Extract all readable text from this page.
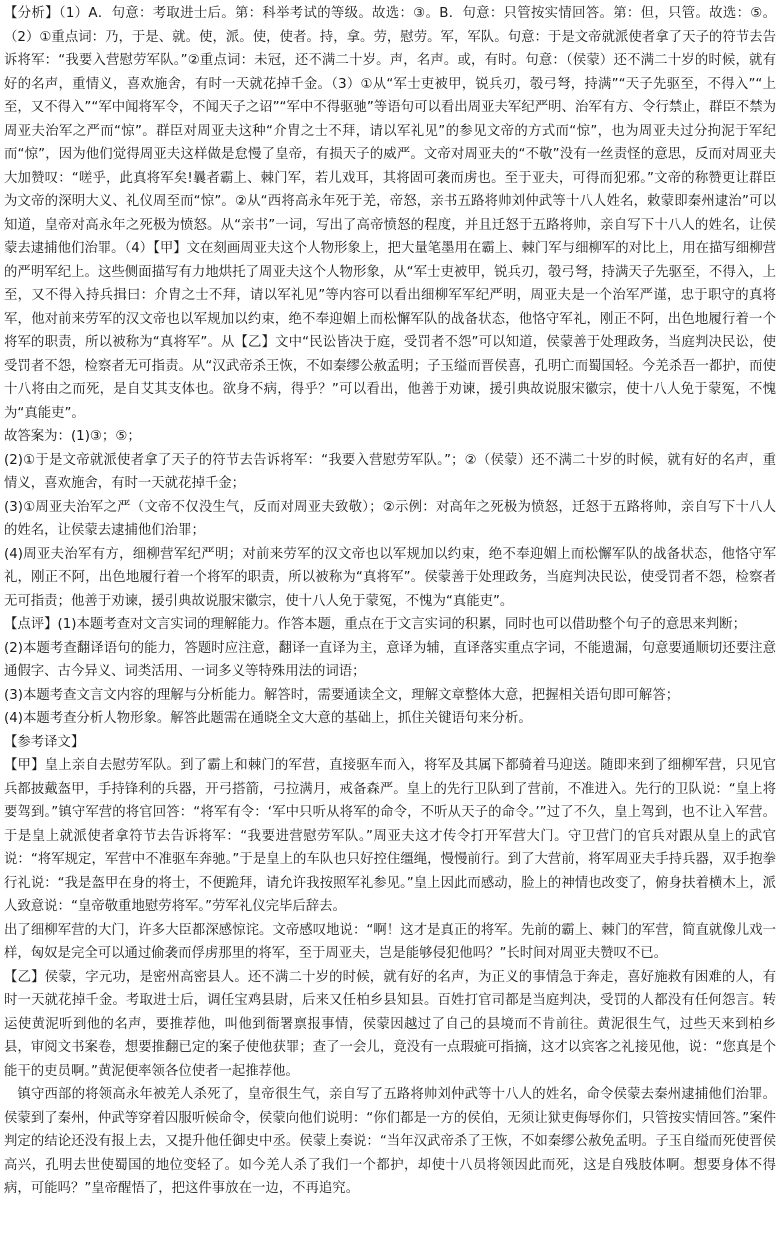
【分析】（1）A．句意：考取进士后。第：科举考试的等级。故选：③。B．句意：只管按实情回答。第：但，只管。故选：⑤。（2）①重点词：乃，于是、就。使，派。使，使者。持，拿。劳，慰劳。军，军队。句意：于是文帝就派使者拿了天子的符节去告诉将军：“我要入营慰劳军队。”②重点词：未冠，还不满二十岁。声，名声。或，有时。句意：（侯蒙）还不满二十岁的时候，就有好的名声，重情义，喜欢施舍，有时一天就花掉千金。（3）①从“军士吏被甲，锐兵刃，彀弓弩，持满”“天子先驱至，不得入”“上至，又不得入”“军中闻将军令，不闻天子之诏”“军中不得驱驰”等语句可以看出周亚夫军纪严明、治军有方、令行禁止，群臣不禁为周亚夫治军之严而“惊”。群臣对周亚夫这种“介胄之士不拜，请以军礼见”的参见文帝的方式而“惊”，也为周亚夫过分拘泥于军纪而“惊”，因为他们觉得周亚夫这样做是怠慢了皇帝，有损天子的威严。文帝对周亚夫的“不敬”没有一丝责怪的意思，反而对周亚夫大加赞叹：“嗟乎，此真将军矣!曩者霸上、棘门军，若儿戏耳，其将固可袭而虏也。至于亚夫，可得而犯邪。”文帝的称赞更让群臣为文帝的深明大义、礼仪周至而“惊”。②从“西将高永年死于羌，帝怒，亲书五路将帅刘仲武等十八人姓名，敕蒙即秦州逮治”可以知道，皇帝对高永年之死极为愤怒。从“亲书”一词，写出了高帝愤怒的程度，并且迁怒于五路将帅，亲自写下十八人的姓名，让侯蒙去逮捕他们治罪。（4）【甲】文在刻画周亚夫这个人物形象上，把大量笔墨用在霸上、棘门军与细柳军的对比上，用在描写细柳营的严明军纪上。这些侧面描写有力地烘托了周亚夫这个人物形象，从“军士吏被甲，锐兵刃，彀弓弩，持满天子先驱至，不得入，上至，又不得入持兵揖曰：介胄之士不拜，请以军礼见”等内容可以看出细柳军军纪严明，周亚夫是一个治军严谨，忠于职守的真将军，他对前来劳军的汉文帝也以军规加以约束，绝不奉迎媚上而松懈军队的战备状态，他恪守军礼，刚正不阿，出色地履行着一个将军的职责，所以被称为“真将军”。从【乙】文中“民讼皆决于庭，受罚者不怨”可以知道，侯蒙善于处理政务，当庭判决民讼，使受罚者不怨，检察者无可指责。从“汉武帝杀王恢，不如秦缪公赦孟明；子玉缢而晋侯喜，孔明亡而蜀国轻。今羌杀吾一都护，而使十八将由之而死，是自艾其支体也。欲身不病，得乎？”可以看出，他善于劝谏，援引典故说服宋徽宗，使十八人免于蒙冤，不愧为“真能吏”。

故答案为：(1)③；⑤；

(2)①于是文帝就派使者拿了天子的符节去告诉将军：“我要入营慰劳军队。”；②（侯蒙）还不满二十岁的时候，就有好的名声，重情义，喜欢施舍，有时一天就花掉千金；

(3)①周亚夫治军之严（文帝不仅没生气，反而对周亚夫致敬）；②示例：对高年之死极为愤怒，迁怒于五路将帅，亲自写下十八人的姓名，让侯蒙去逮捕他们治罪；

(4)周亚夫治军有方，细柳营军纪严明；对前来劳军的汉文帝也以军规加以约束，绝不奉迎媚上而松懈军队的战备状态，他恪守军礼，刚正不阿，出色地履行着一个将军的职责，所以被称为“真将军”。侯蒙善于处理政务，当庭判决民讼，使受罚者不怨，检察者无可指责；他善于劝谏，援引典故说服宋徽宗，使十八人免于蒙冤，不愧为“真能吏”。

【点评】(1)本题考查对文言实词的理解能力。作答本题，重点在于文言实词的积累，同时也可以借助整个句子的意思来判断；

(2)本题考查翻译语句的能力，答题时应注意，翻译一直译为主，意译为辅，直译落实重点字词，不能遗漏，句意要通顺切还要注意通假字、古今异义、词类活用、一词多义等特殊用法的词语；

(3)本题考查文言文内容的理解与分析能力。解答时，需要通读全文，理解文章整体大意，把握相关语句即可解答；

(4)本题考查分析人物形象。解答此题需在通晓全文大意的基础上，抓住关键语句来分析。

【参考译文】

【甲】皇上亲自去慰劳军队。到了霸上和棘门的军营，直接驱车而入，将军及其属下都骑着马迎送。随即来到了细柳军营，只见官兵都披戴盔甲，手持锋利的兵器，开弓搭箭，弓拉满月，戒备森严。皇上的先行卫队到了营前，不准进入。先行的卫队说：“皇上将要驾到。”镇守军营的将官回答：“将军有令：‘军中只听从将军的命令，不听从天子的命令。’”过了不久，皇上驾到，也不让入军营。于是皇上就派使者拿符节去告诉将军：“我要进营慰劳军队。”周亚夫这才传令打开军营大门。守卫营门的官兵对跟从皇上的武官说：“将军规定，军营中不准驱车奔驰。”于是皇上的车队也只好控住缰绳，慢慢前行。到了大营前，将军周亚夫手持兵器，双手抱拳行礼说：“我是盔甲在身的将士，不便跪拜，请允许我按照军礼参见。”皇上因此而感动，脸上的神情也改变了，俯身扶着横木上，派人致意说：“皇帝敬重地慰劳将军。”劳军礼仪完毕后辞去。

出了细柳军营的大门，许多大臣都深感惊诧。文帝感叹地说：“啊！这才是真正的将军。先前的霸上、棘门的军营，简直就像儿戏一样，匈奴是完全可以通过偷袭而俘虏那里的将军，至于周亚夫，岂是能够侵犯他吗？”长时间对周亚夫赞叹不已。

【乙】侯蒙，字元功，是密州高密县人。还不满二十岁的时候，就有好的名声，为正义的事情急于奔走，喜好施救有困难的人，有时一天就花掉千金。考取进士后，调任宝鸡县尉，后来又任柏乡县知县。百姓打官司都是当庭判决，受罚的人都没有任何怨言。转运使黄泥听到他的名声，要推荐他，叫他到衙署禀报事情，侯蒙因越过了自己的县境而不肯前往。黄泥很生气，过些天来到柏乡县，审阅文书案卷，想要推翻已定的案子使他获罪；查了一会儿，竟没有一点瑕疵可指摘，这才以宾客之礼接见他，说：“您真是个能干的吏员啊。”黄泥便率领各位使者一起推荐他。

镇守西部的将领高永年被羌人杀死了，皇帝很生气，亲自写了五路将帅刘仲武等十八人的姓名，命令侯蒙去秦州逮捕他们治罪。侯蒙到了秦州，仲武等穿着囚服听候命令，侯蒙向他们说明：“你们都是一方的侯伯，无须让狱吏侮辱你们，只管按实情回答。”案件判定的结论还没有报上去，又提升他任御史中丞。侯蒙上奏说：“当年汉武帝杀了王恢，不如秦缪公赦免孟明。子玉自缢而死使晋侯高兴，孔明去世使蜀国的地位变轻了。如今羌人杀了我们一个都护，却使十八员将领因此而死，这是自残肢体啊。想要身体不得病，可能吗？”皇帝醒悟了，把这件事放在一边，不再追究。
